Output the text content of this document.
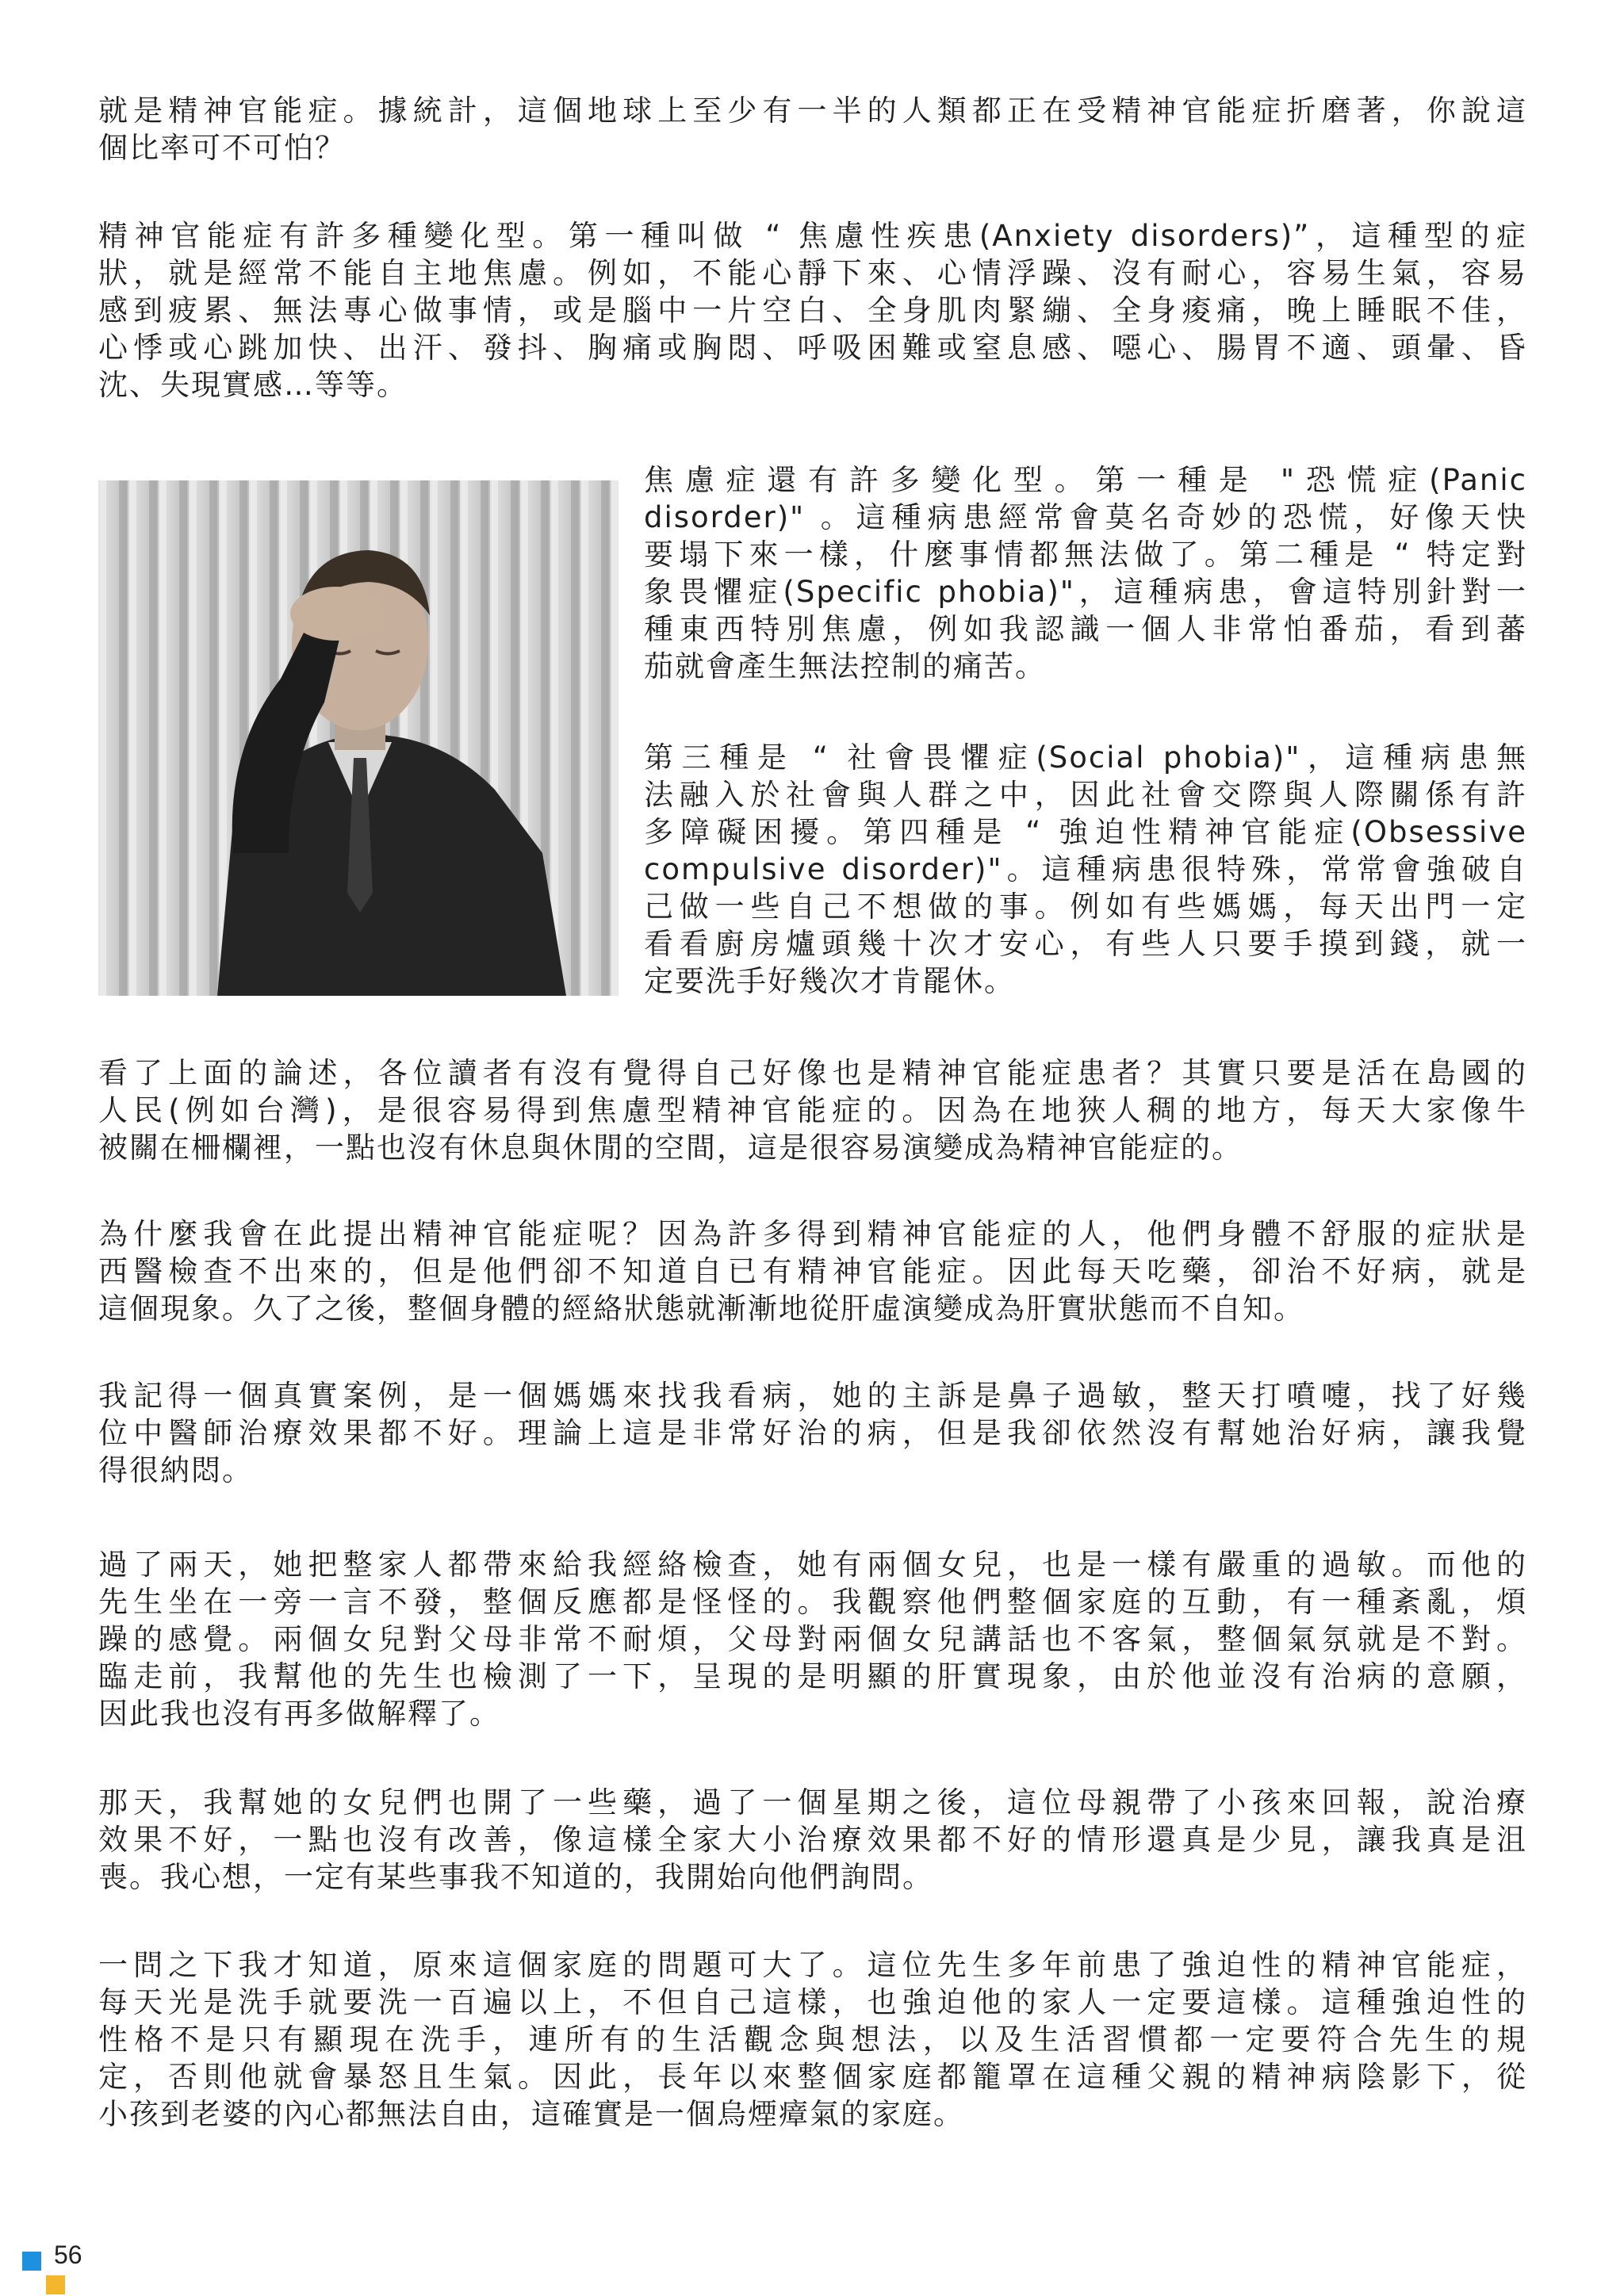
就是精神官能症。據統計，這個地球上至少有一半的人類都正在受精神官能症折磨著，你說這
個比率可不可怕？
精神官能症有許多種變化型。第一種叫做 “ 焦慮性疾患(Anxiety disorders)”，這種型的症
狀，就是經常不能自主地焦慮。例如，不能心靜下來、心情浮躁、沒有耐心，容易生氣，容易
感到疲累、無法專心做事情，或是腦中一片空白、全身肌肉緊繃、全身痠痛，晚上睡眠不佳，
心悸或心跳加快、出汗、發抖、胸痛或胸悶、呼吸困難或窒息感、噁心、腸胃不適、頭暈、昏
沈、失現實感…等等。
焦慮症還有許多變化型。第一種是 "恐慌症(Panic
disorder)" 。這種病患經常會莫名奇妙的恐慌，好像天快
要塌下來一樣，什麼事情都無法做了。第二種是 “ 特定對
象畏懼症(Specific phobia)"，這種病患，會這特別針對一
種東西特別焦慮，例如我認識一個人非常怕番茄，看到蕃
茄就會產生無法控制的痛苦。
第三種是 “ 社會畏懼症(Social phobia)"，這種病患無
法融入於社會與人群之中，因此社會交際與人際關係有許
多障礙困擾。第四種是 “ 強迫性精神官能症(Obsessive
compulsive disorder)"。這種病患很特殊，常常會強破自
己做一些自己不想做的事。例如有些媽媽，每天出門一定
看看廚房爐頭幾十次才安心，有些人只要手摸到錢，就一
定要洗手好幾次才肯罷休。
看了上面的論述，各位讀者有沒有覺得自己好像也是精神官能症患者？其實只要是活在島國的
人民(例如台灣)，是很容易得到焦慮型精神官能症的。因為在地狹人稠的地方，每天大家像牛
被關在柵欄裡，一點也沒有休息與休閒的空間，這是很容易演變成為精神官能症的。
為什麼我會在此提出精神官能症呢？因為許多得到精神官能症的人，他們身體不舒服的症狀是
西醫檢查不出來的，但是他們卻不知道自已有精神官能症。因此每天吃藥，卻治不好病，就是
這個現象。久了之後，整個身體的經絡狀態就漸漸地從肝虛演變成為肝實狀態而不自知。
我記得一個真實案例，是一個媽媽來找我看病，她的主訴是鼻子過敏，整天打噴嚏，找了好幾
位中醫師治療效果都不好。理論上這是非常好治的病，但是我卻依然沒有幫她治好病，讓我覺
得很納悶。
過了兩天，她把整家人都帶來給我經絡檢查，她有兩個女兒，也是一樣有嚴重的過敏。而他的
先生坐在一旁一言不發，整個反應都是怪怪的。我觀察他們整個家庭的互動，有一種紊亂，煩
躁的感覺。兩個女兒對父母非常不耐煩，父母對兩個女兒講話也不客氣，整個氣氛就是不對。
臨走前，我幫他的先生也檢測了一下，呈現的是明顯的肝實現象，由於他並沒有治病的意願，
因此我也沒有再多做解釋了。
那天，我幫她的女兒們也開了一些藥，過了一個星期之後，這位母親帶了小孩來回報，說治療
效果不好，一點也沒有改善，像這樣全家大小治療效果都不好的情形還真是少見，讓我真是沮
喪。我心想，一定有某些事我不知道的，我開始向他們詢問。
一問之下我才知道，原來這個家庭的問題可大了。這位先生多年前患了強迫性的精神官能症，
每天光是洗手就要洗一百遍以上，不但自己這樣，也強迫他的家人一定要這樣。這種強迫性的
性格不是只有顯現在洗手，連所有的生活觀念與想法，以及生活習慣都一定要符合先生的規
定，否則他就會暴怒且生氣。因此，長年以來整個家庭都籠罩在這種父親的精神病陰影下，從
小孩到老婆的內心都無法自由，這確實是一個烏煙瘴氣的家庭。
56
